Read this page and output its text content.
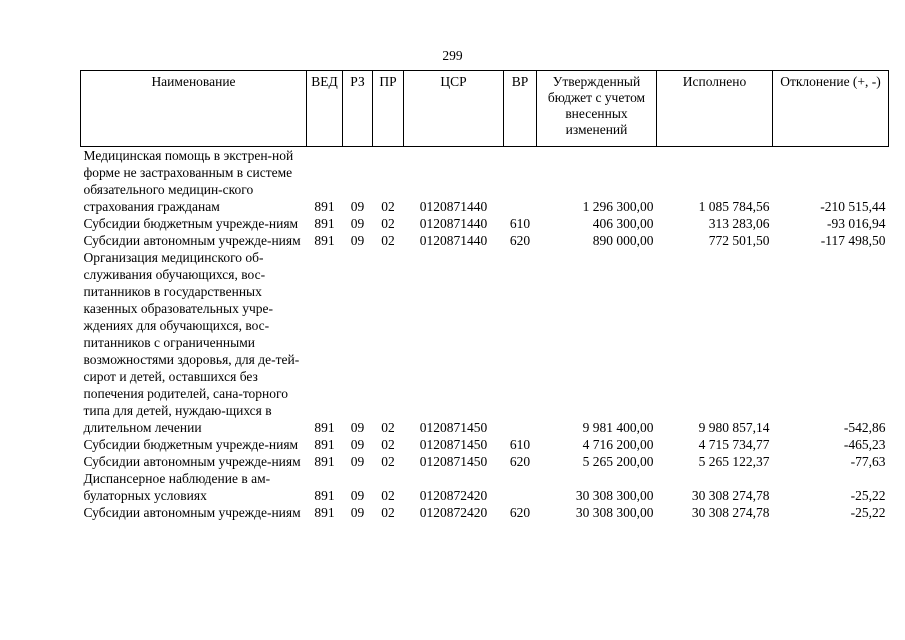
299
Наименование	ВЕД	РЗ	ПР	ЦСР	ВР	Утвержденный бюджет с учетом внесенных изменений	Исполнено	Отклонение (+, -)

Медицинская помощь в экстрен-ной форме не застрахованным в системе обязательного медицин-ского страхования гражданам	891	09	02	0120871440		1 296 300,00	1 085 784,56	-210 515,44
Субсидии бюджетным учрежде-ниям	891	09	02	0120871440	610	406 300,00	313 283,06	-93 016,94
Субсидии автономным учрежде-ниям	891	09	02	0120871440	620	890 000,00	772 501,50	-117 498,50
Организация медицинского об-служивания обучающихся, вос-питанников в государственных казенных образовательных учре-ждениях для обучающихся, вос-питанников с ограниченными возможностями здоровья, для де-тей-сирот и детей, оставшихся без попечения родителей, сана-торного типа для детей, нуждаю-щихся в длительном лечении	891	09	02	0120871450		9 981 400,00	9 980 857,14	-542,86
Субсидии бюджетным учрежде-ниям	891	09	02	0120871450	610	4 716 200,00	4 715 734,77	-465,23
Субсидии автономным учрежде-ниям	891	09	02	0120871450	620	5 265 200,00	5 265 122,37	-77,63
Диспансерное наблюдение в ам-булаторных условиях	891	09	02	0120872420		30 308 300,00	30 308 274,78	-25,22
Субсидии автономным учрежде-ниям	891	09	02	0120872420	620	30 308 300,00	30 308 274,78	-25,22
